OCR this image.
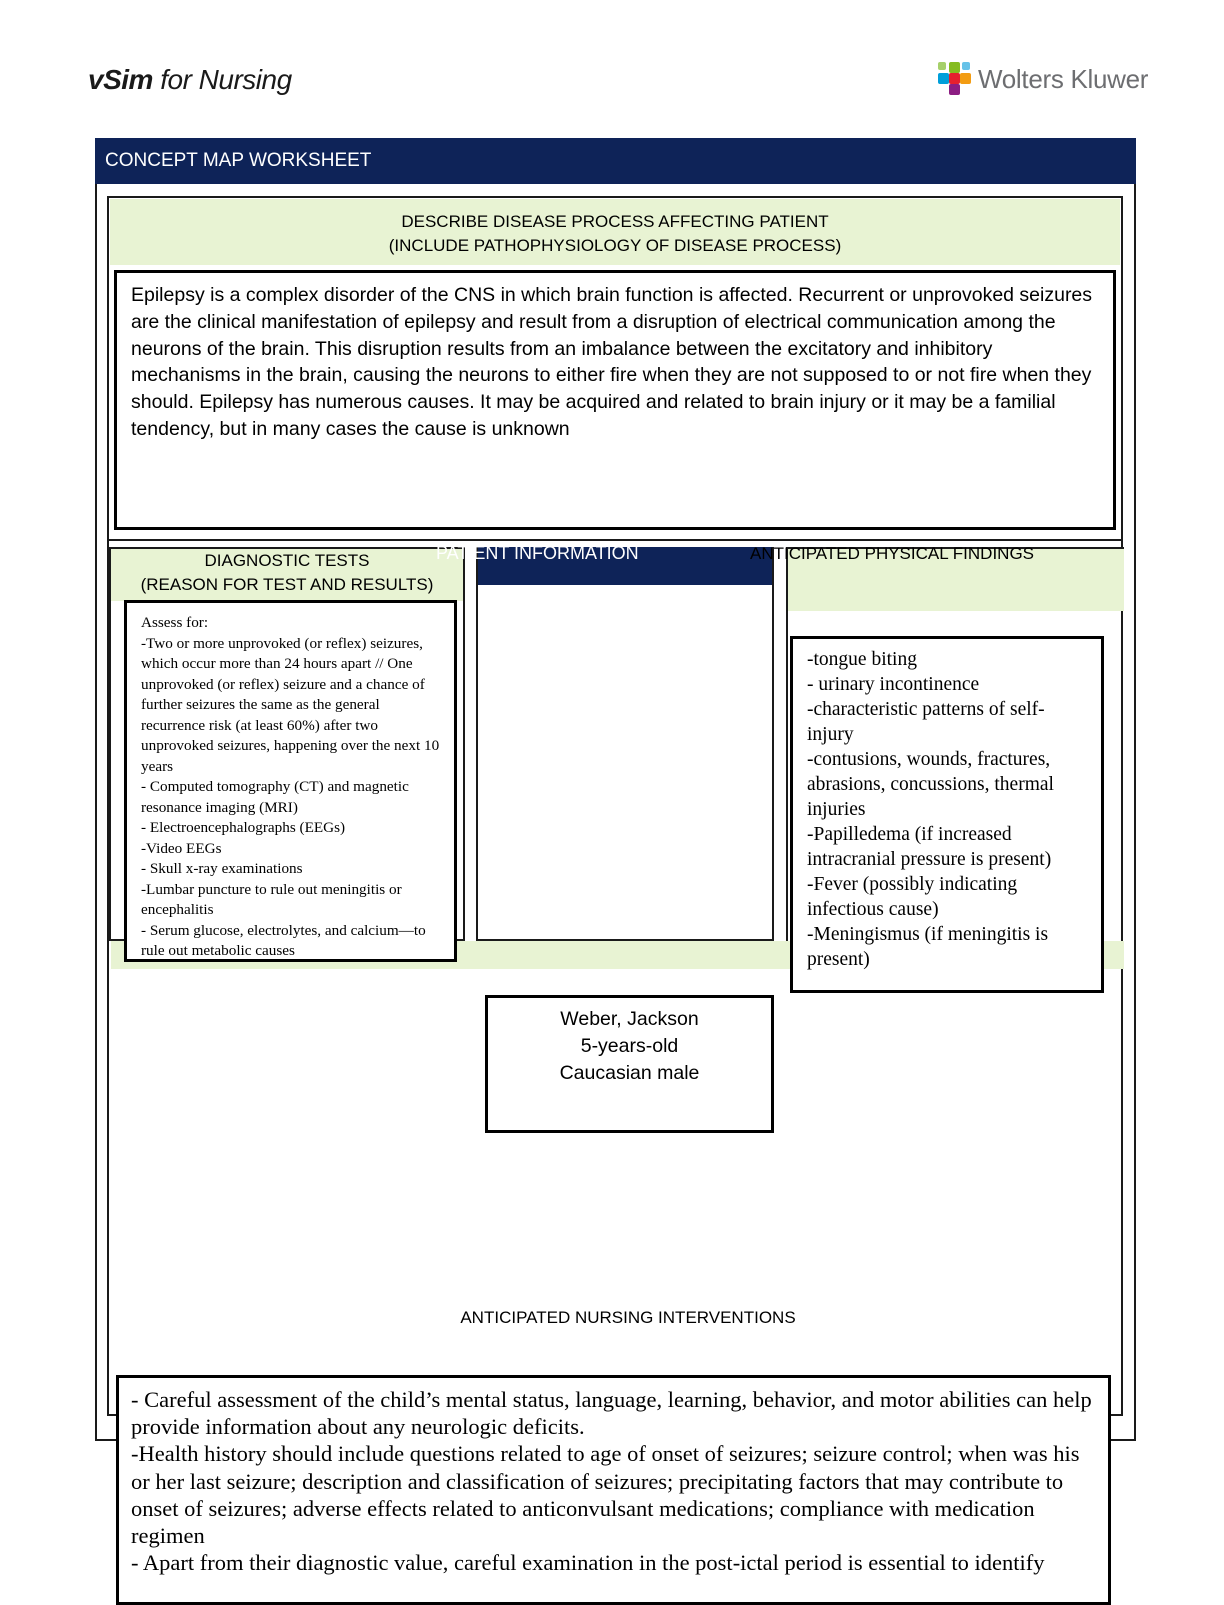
vSim for Nursing	Wolters Kluwer
CONCEPT MAP WORKSHEET
DESCRIBE DISEASE PROCESS AFFECTING PATIENT
(INCLUDE PATHOPHYSIOLOGY OF DISEASE PROCESS)
Epilepsy is a complex disorder of the CNS in which brain function is affected. Recurrent or unprovoked seizures are the clinical manifestation of epilepsy and result from a disruption of electrical communication among the neurons of the brain. This disruption results from an imbalance between the excitatory and inhibitory mechanisms in the brain, causing the neurons to either fire when they are not supposed to or not fire when they should. Epilepsy has numerous causes. It may be acquired and related to brain injury or it may be a familial tendency, but in many cases the cause is unknown
DIAGNOSTIC TESTS
(REASON FOR TEST AND RESULTS)
Assess for:
-Two or more unprovoked (or reflex) seizures, which occur more than 24 hours apart // One unprovoked (or reflex) seizure and a chance of further seizures the same as the general recurrence risk (at least 60%) after two unprovoked seizures, happening over the next 10 years
- Computed tomography (CT) and magnetic resonance imaging (MRI)
- Electroencephalographs (EEGs)
-Video EEGs
- Skull x-ray examinations
-Lumbar puncture to rule out meningitis or encephalitis
- Serum glucose, electrolytes, and calcium—to rule out metabolic causes
PATIENT INFORMATION	ANTICIPATED PHYSICAL FINDINGS
-tongue biting
- urinary incontinence
-characteristic patterns of self-injury
-contusions, wounds, fractures, abrasions, concussions, thermal injuries
-Papilledema (if increased intracranial pressure is present)
-Fever (possibly indicating infectious cause)
-Meningismus (if meningitis is present)
Weber, Jackson
5-years-old
Caucasian male
ANTICIPATED NURSING INTERVENTIONS
- Careful assessment of the child’s mental status, language, learning, behavior, and motor abilities can help provide information about any neurologic deficits.
-Health history should include questions related to age of onset of seizures; seizure control; when was his or her last seizure; description and classification of seizures; precipitating factors that may contribute to onset of seizures; adverse effects related to anticonvulsant medications; compliance with medication regimen
- Apart from their diagnostic value, careful examination in the post-ictal period is essential to identify
